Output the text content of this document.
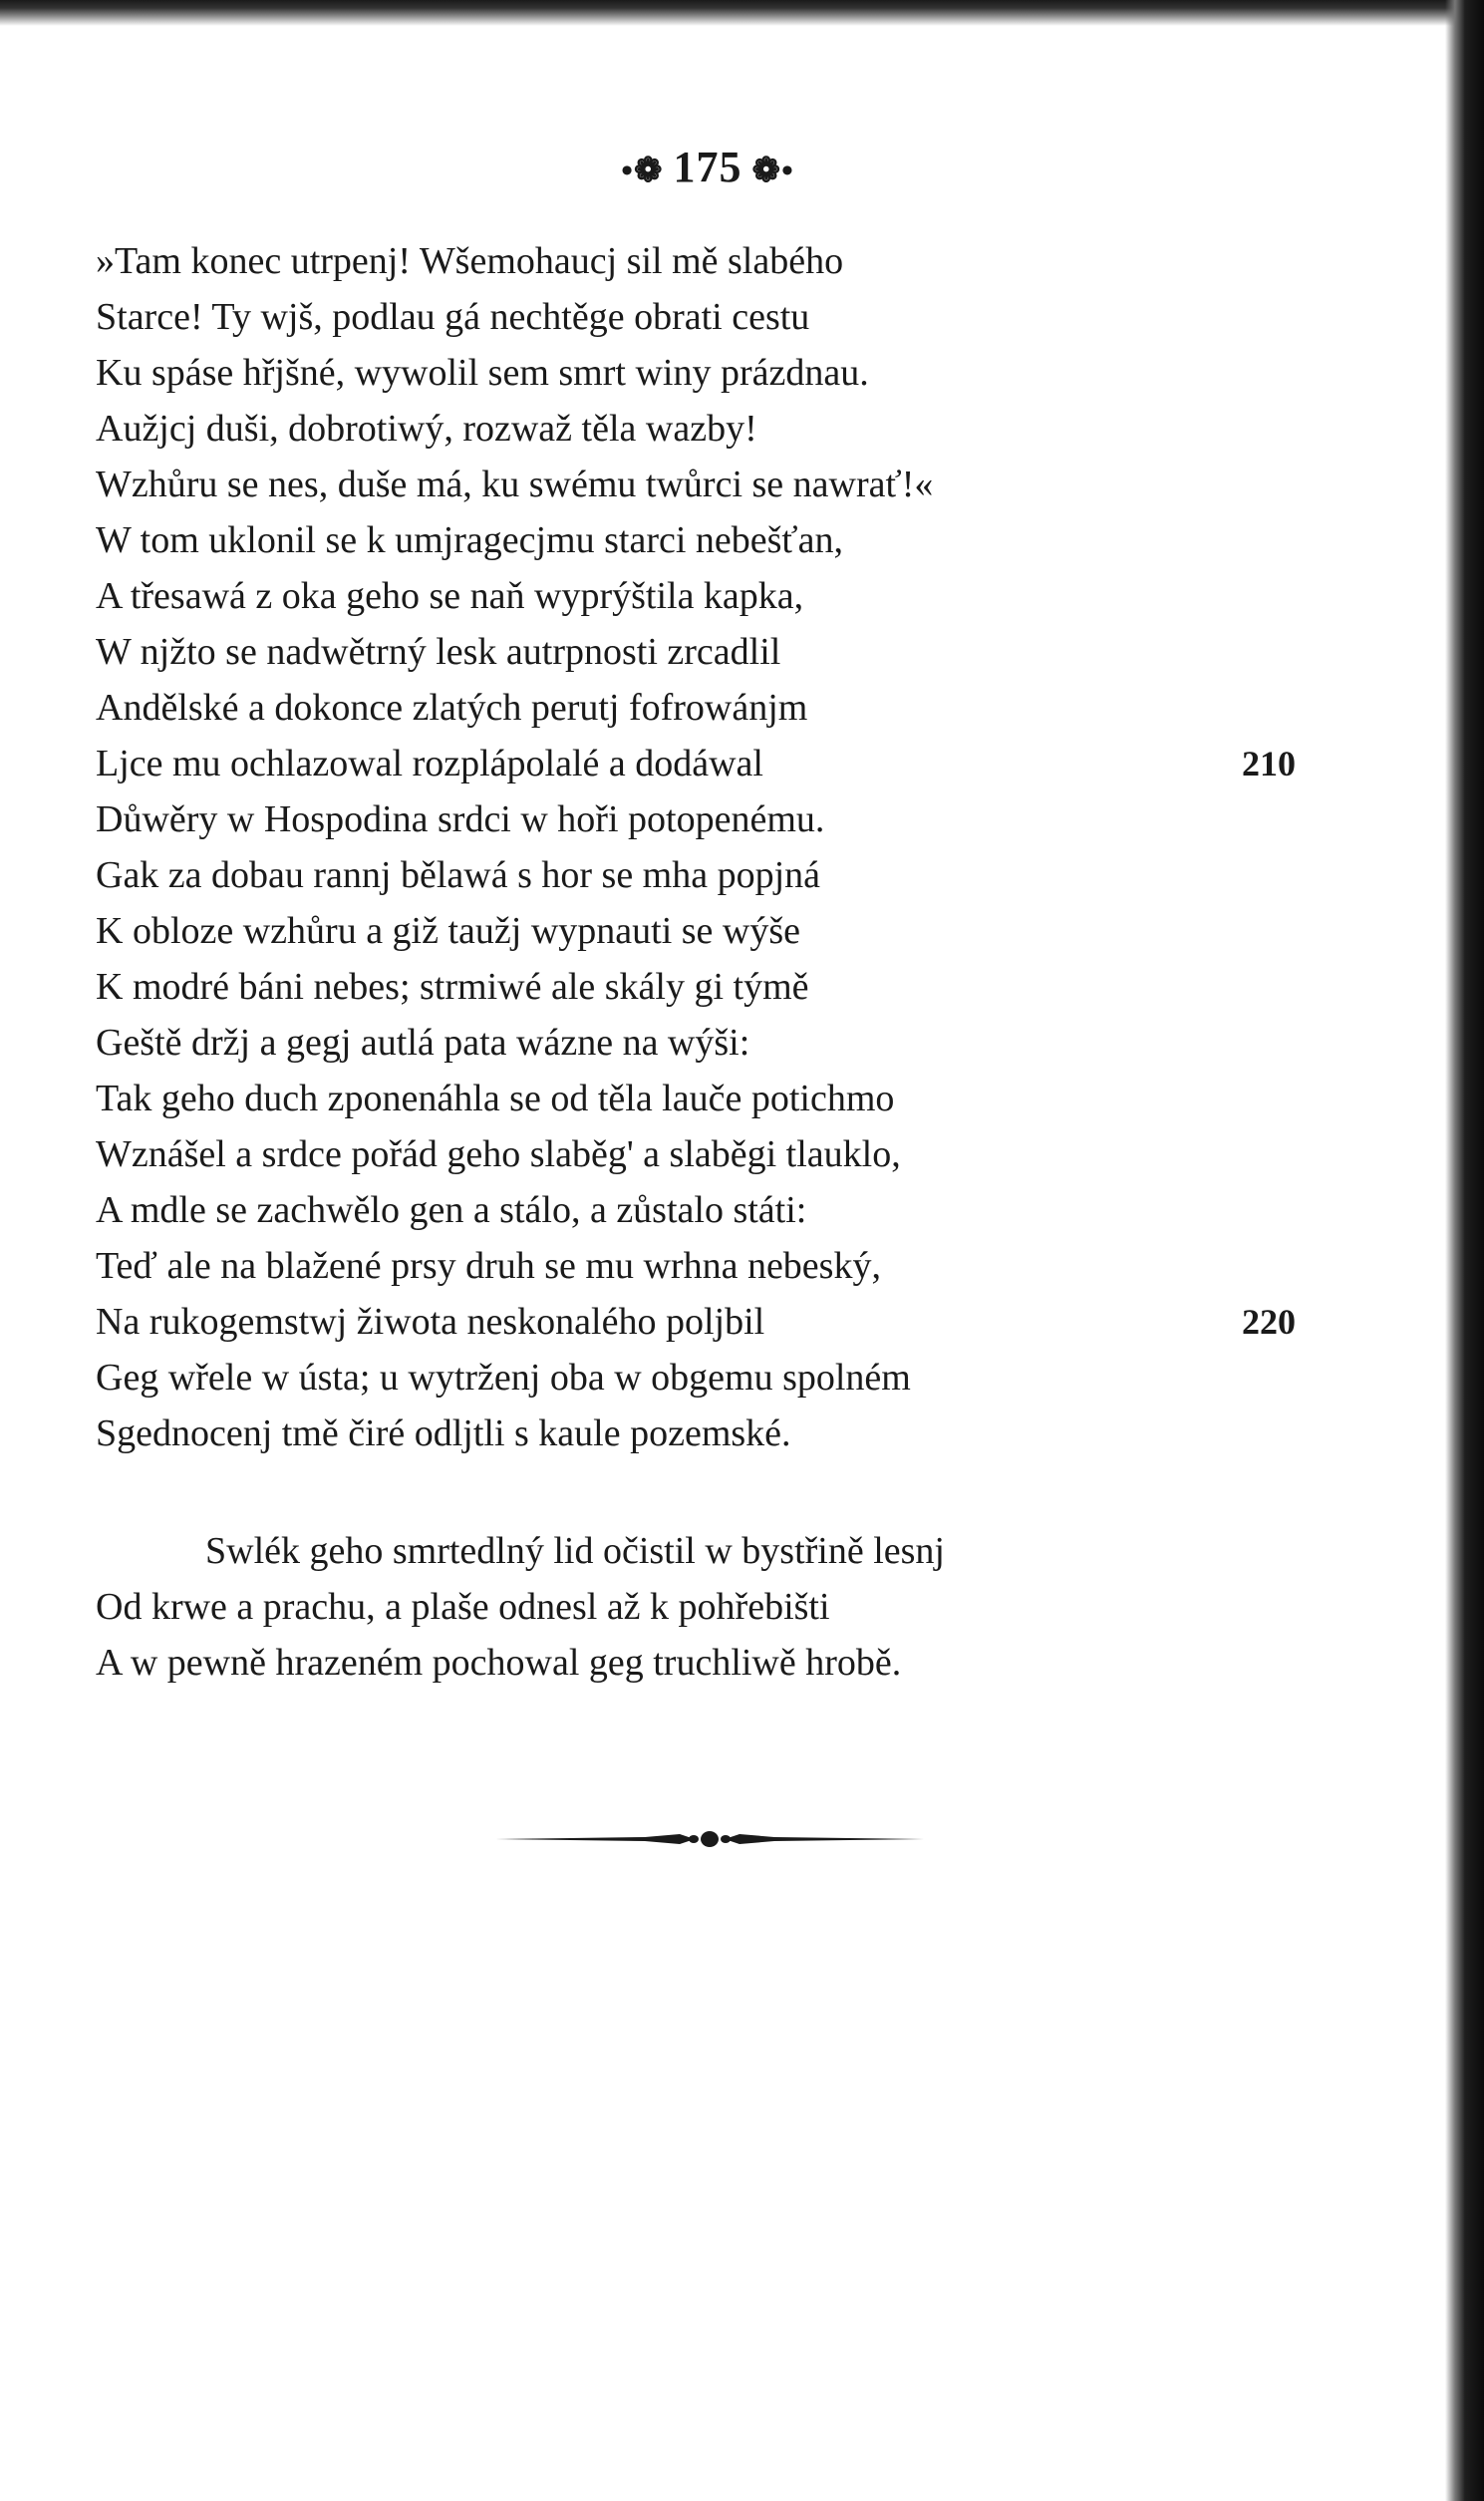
•❁ 175 ❁•
»Tam konec utrpenj! Wšemohaucj sil mě slabého
Starce! Ty wjš, podlau gá nechtěge obrati cestu
Ku spáse hřjšné, wywolil sem smrt winy prázdnau.
Aužjcj duši, dobrotiwý, rozwaž těla wazby!
Wzhůru se nes, duše má, ku swému twůrci se nawrať!«
W tom uklonil se k umjragecjmu starci nebešťan,
A třesawá z oka geho se naň wyprýštila kapka,
W njžto se nadwětrný lesk autrpnosti zrcadlil
Andělské a dokonce zlatých perutj fofrowánjm
Ljce mu ochlazowal rozplápolalé a dodáwal
Důwěry w Hospodina srdci w hoři potopenému.
Gak za dobau rannj bělawá s hor se mha popjná
K obloze wzhůru a giž taužj wypnauti se wýše
K modré báni nebes; strmiwé ale skály gi týmě
Geště držj a gegj autlá pata wázne na wýši:
Tak geho duch zponenáhla se od těla lauče potichmo
Wznášel a srdce pořád geho slaběg' a slaběgi tlauklo,
A mdle se zachwělo gen a stálo, a zůstalo státi:
Teď ale na blažené prsy druh se mu wrhna nebeský,
Na rukogemstwj žiwota neskonalého poljbil
Geg wřele w ústa; u wytrženj oba w obgemu spolném
Sgednocenj tmě čiré odljtli s kaule pozemské.
210
220
Swlék geho smrtedlný lid očistil w bystřině lesnj
Od krwe a prachu, a plaše odnesl až k pohřebišti
A w pewně hrazeném pochowal geg truchliwě hrobě.
